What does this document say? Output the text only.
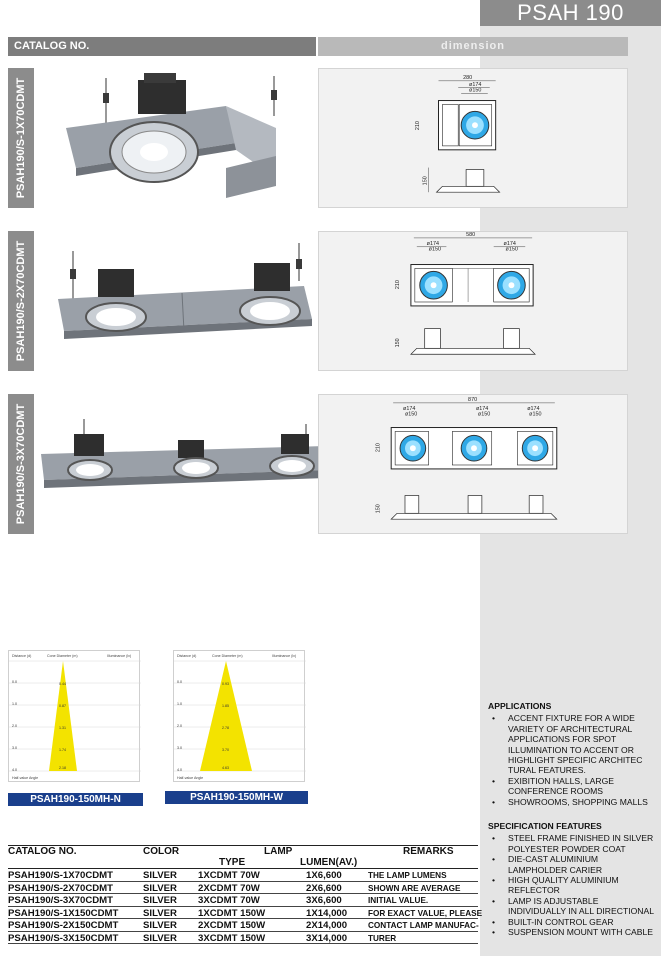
PSAH 190
CATALOG NO.	dimension
PSAH190/S-1X70CDMT	280
ø174
ø150
210
150
PSAH190/S-2X70CDMT
580
ø174
ø150
ø174
ø150
210
150
PSAH190/S-3X70CDMT
870
ø174
ø150
ø174
ø150
ø174
ø150
210
150
Distance (d)	Cone Diameter (m)	Illuminance (lx)
Half-value Angle
0.0
1.0
2.0
3.0
4.0
0.44
0.87
1.31
1.74
2.18
PSAH190-150MH-N
Distance (d)	Cone Diameter (m)	Illuminance (lx)
Half-value Angle
0.0
1.0
2.0
3.0
4.0
0.93
1.85
2.78
3.70
4.63
PSAH190-150MH-W
APPLICATIONS
• ACCENT FIXTURE FOR A WIDE VARIETY OF ARCHITECTURAL APPLICATIONS FOR SPOT ILLUMINATION TO ACCENT OR HIGHLIGHT SPECIFIC ARCHITEC TURAL FEATURES.
• EXIBITION HALLS, LARGE CONFERENCE ROOMS
• SHOWROOMS, SHOPPING MALLS
SPECIFICATION FEATURES
• STEEL FRAME FINISHED IN SILVER POLYESTER POWDER COAT
• DIE-CAST ALUMINIUM LAMPHOLDER CARIER
• HIGH QUALITY ALUMINIUM REFLECTOR
• LAMP IS ADJUSTABLE INDIVIDUALLY IN ALL DIRECTIONAL
• BUILT-IN CONTROL GEAR
• SUSPENSION MOUNT WITH CABLE
CATALOG NO.	COLOR	LAMP	REMARKS
TYPE	LUMEN(AV.)
PSAH190/S-1X70CDMT	SILVER 1XCDMT 70W	1X6,600	THE LAMP LUMENS
PSAH190/S-2X70CDMT	SILVER 2XCDMT 70W	2X6,600	SHOWN ARE AVERAGE
PSAH190/S-3X70CDMT	SILVER 3XCDMT 70W	3X6,600	INITIAL VALUE.
PSAH190/S-1X150CDMT	SILVER 1XCDMT 150W	1X14,000	FOR EXACT VALUE, PLEASE
PSAH190/S-2X150CDMT	SILVER 2XCDMT 150W	2X14,000	CONTACT LAMP MANUFAC-
PSAH190/S-3X150CDMT	SILVER 3XCDMT 150W	3X14,000	TURER
